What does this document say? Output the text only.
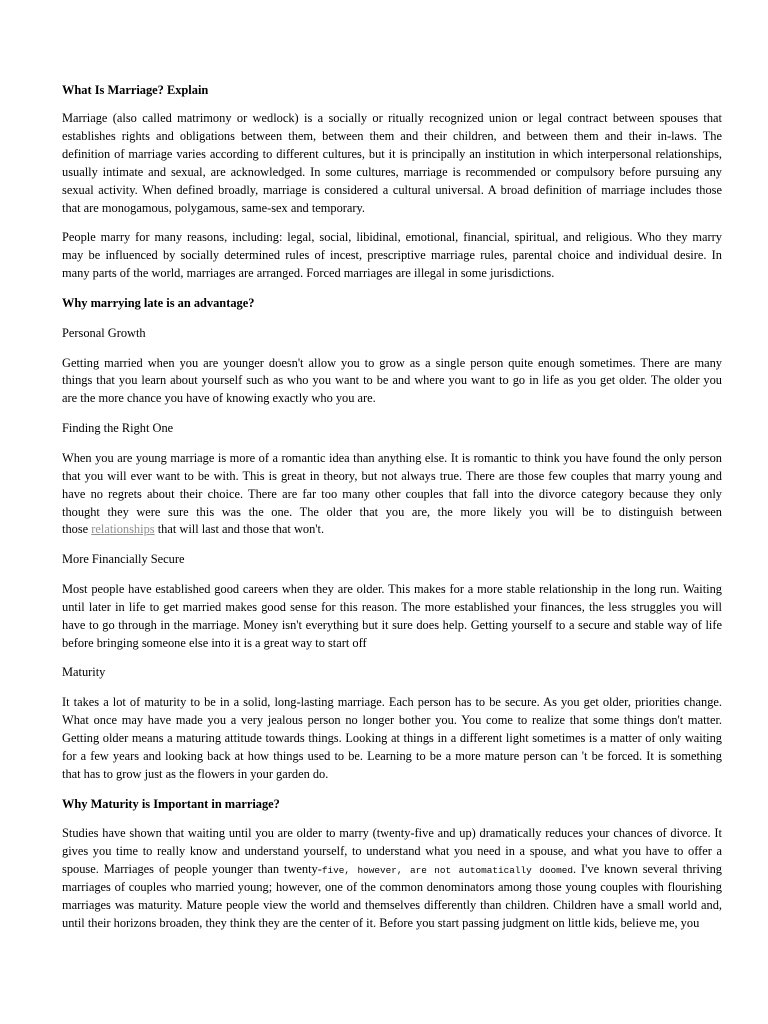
What Is Marriage? Explain
Marriage (also called matrimony or wedlock) is a socially or ritually recognized union or legal contract between spouses that
establishes rights and obligations between them, between them and their children, and between them and their in-laws. The
definition of marriage varies according to different cultures, but it is principally an institution in which interpersonal relationships,
usually intimate and sexual, are acknowledged. In some cultures, marriage is recommended or compulsory before pursuing any
sexual activity. When defined broadly, marriage is considered a cultural universal. A broad definition of marriage includes those
that are monogamous, polygamous, same-sex and temporary.
People marry for many reasons, including: legal, social, libidinal, emotional, financial, spiritual, and religious. Who they marry
may be influenced by socially determined rules of incest, prescriptive marriage rules, parental choice and individual desire. In
many parts of the world, marriages are arranged. Forced marriages are illegal in some jurisdictions.
Why marrying late is an advantage?
Personal Growth
Getting married when you are younger doesn't allow you to grow as a single person quite enough sometimes. There are many
things that you learn about yourself such as who you want to be and where you want to go in life as you get older. The older you
are the more chance you have of knowing exactly who you are.
Finding the Right One
When you are young marriage is more of a romantic idea than anything else. It is romantic to think you have found the only person
that you will ever want to be with. This is great in theory, but not always true. There are those few couples that marry young and
have no regrets about their choice. There are far too many other couples that fall into the divorce category because they only
thought they were sure this was the one. The older that you are, the more likely you will be to distinguish between
those relationships that will last and those that won't.
More Financially Secure
Most people have established good careers when they are older. This makes for a more stable relationship in the long run. Waiting
until later in life to get married makes good sense for this reason. The more established your finances, the less struggles you will
have to go through in the marriage. Money isn't everything but it sure does help. Getting yourself to a secure and stable way of life
before bringing someone else into it is a great way to start off
Maturity
It takes a lot of maturity to be in a solid, long-lasting marriage. Each person has to be secure. As you get older, priorities change.
What once may have made you a very jealous person no longer bother you. You come to realize that some things don't matter.
Getting older means a maturing attitude towards things. Looking at things in a different light sometimes is a matter of only waiting
for a few years and looking back at how things used to be. Learning to be a more mature person can 't be forced. It is something
that has to grow just as the flowers in your garden do.
Why Maturity is Important in marriage?
Studies have shown that waiting until you are older to marry (twenty-five and up) dramatically reduces your chances of divorce. It
gives you time to really know and understand yourself, to understand what you need in a spouse, and what you have to offer a
spouse. Marriages of people younger than twenty-five, however, are not automatically doomed. I've known several thriving
marriages of couples who married young; however, one of the common denominators among those young couples with flourishing
marriages was maturity. Mature people view the world and themselves differently than children. Children have a small world and,
until their horizons broaden, they think they are the center of it. Before you start passing judgment on little kids, believe me, you
